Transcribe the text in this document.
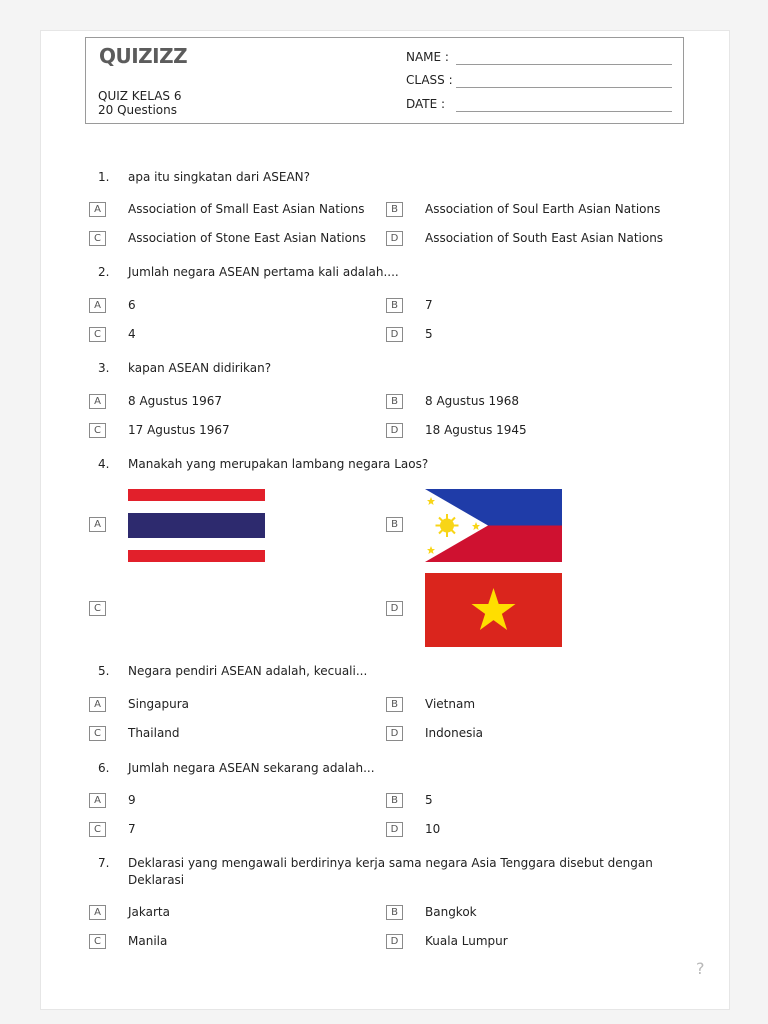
QUIZIZZ
QUIZ KELAS 6
20 Questions
NAME :
CLASS :
DATE :
1. apa itu singkatan dari ASEAN?
A	Association of Small East Asian Nations	B	Association of Soul Earth Asian Nations
C	Association of Stone East Asian Nations	D	Association of South East Asian Nations
2. Jumlah negara ASEAN pertama kali adalah....
A	6	B	7
C	4	D	5
3. kapan ASEAN didirikan?
A	8 Agustus 1967	B	8 Agustus 1968
C	17 Agustus 1967	D	18 Agustus 1945
4. Manakah yang merupakan lambang negara Laos?
A	B
C	D
5. Negara pendiri ASEAN adalah, kecuali...
A	Singapura	B	Vietnam
C	Thailand	D	Indonesia
6. Jumlah negara ASEAN sekarang adalah...
A	9	B	5
C	7	D	10
7. Deklarasi yang mengawali berdirinya kerja sama negara Asia Tenggara disebut dengan
Deklarasi
A	Jakarta	B	Bangkok
C	Manila	D	Kuala Lumpur
?
